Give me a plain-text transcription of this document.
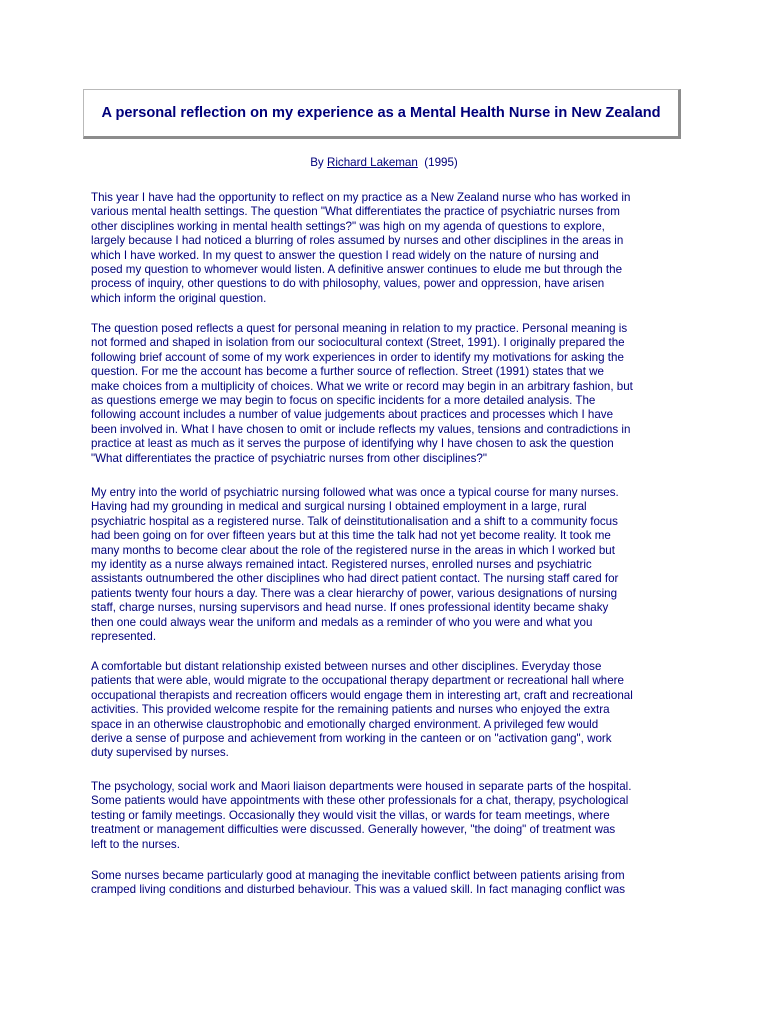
A personal reflection on my experience as a Mental Health Nurse in New Zealand
By Richard Lakeman (1995)
This year I have had the opportunity to reflect on my practice as a New Zealand nurse who has worked in
various mental health settings. The question "What differentiates the practice of psychiatric nurses from
other disciplines working in mental health settings?" was high on my agenda of questions to explore,
largely because I had noticed a blurring of roles assumed by nurses and other disciplines in the areas in
which I have worked. In my quest to answer the question I read widely on the nature of nursing and
posed my question to whomever would listen. A definitive answer continues to elude me but through the
process of inquiry, other questions to do with philosophy, values, power and oppression, have arisen
which inform the original question.
The question posed reflects a quest for personal meaning in relation to my practice. Personal meaning is
not formed and shaped in isolation from our sociocultural context (Street, 1991). I originally prepared the
following brief account of some of my work experiences in order to identify my motivations for asking the
question. For me the account has become a further source of reflection. Street (1991) states that we
make choices from a multiplicity of choices. What we write or record may begin in an arbitrary fashion, but
as questions emerge we may begin to focus on specific incidents for a more detailed analysis. The
following account includes a number of value judgements about practices and processes which I have
been involved in. What I have chosen to omit or include reflects my values, tensions and contradictions in
practice at least as much as it serves the purpose of identifying why I have chosen to ask the question
"What differentiates the practice of psychiatric nurses from other disciplines?"
My entry into the world of psychiatric nursing followed what was once a typical course for many nurses.
Having had my grounding in medical and surgical nursing I obtained employment in a large, rural
psychiatric hospital as a registered nurse. Talk of deinstitutionalisation and a shift to a community focus
had been going on for over fifteen years but at this time the talk had not yet become reality. It took me
many months to become clear about the role of the registered nurse in the areas in which I worked but
my identity as a nurse always remained intact. Registered nurses, enrolled nurses and psychiatric
assistants outnumbered the other disciplines who had direct patient contact. The nursing staff cared for
patients twenty four hours a day. There was a clear hierarchy of power, various designations of nursing
staff, charge nurses, nursing supervisors and head nurse. If ones professional identity became shaky
then one could always wear the uniform and medals as a reminder of who you were and what you
represented.
A comfortable but distant relationship existed between nurses and other disciplines. Everyday those
patients that were able, would migrate to the occupational therapy department or recreational hall where
occupational therapists and recreation officers would engage them in interesting art, craft and recreational
activities. This provided welcome respite for the remaining patients and nurses who enjoyed the extra
space in an otherwise claustrophobic and emotionally charged environment. A privileged few would
derive a sense of purpose and achievement from working in the canteen or on "activation gang", work
duty supervised by nurses.
The psychology, social work and Maori liaison departments were housed in separate parts of the hospital.
Some patients would have appointments with these other professionals for a chat, therapy, psychological
testing or family meetings. Occasionally they would visit the villas, or wards for team meetings, where
treatment or management difficulties were discussed. Generally however, "the doing" of treatment was
left to the nurses.
Some nurses became particularly good at managing the inevitable conflict between patients arising from
cramped living conditions and disturbed behaviour. This was a valued skill. In fact managing conflict was
